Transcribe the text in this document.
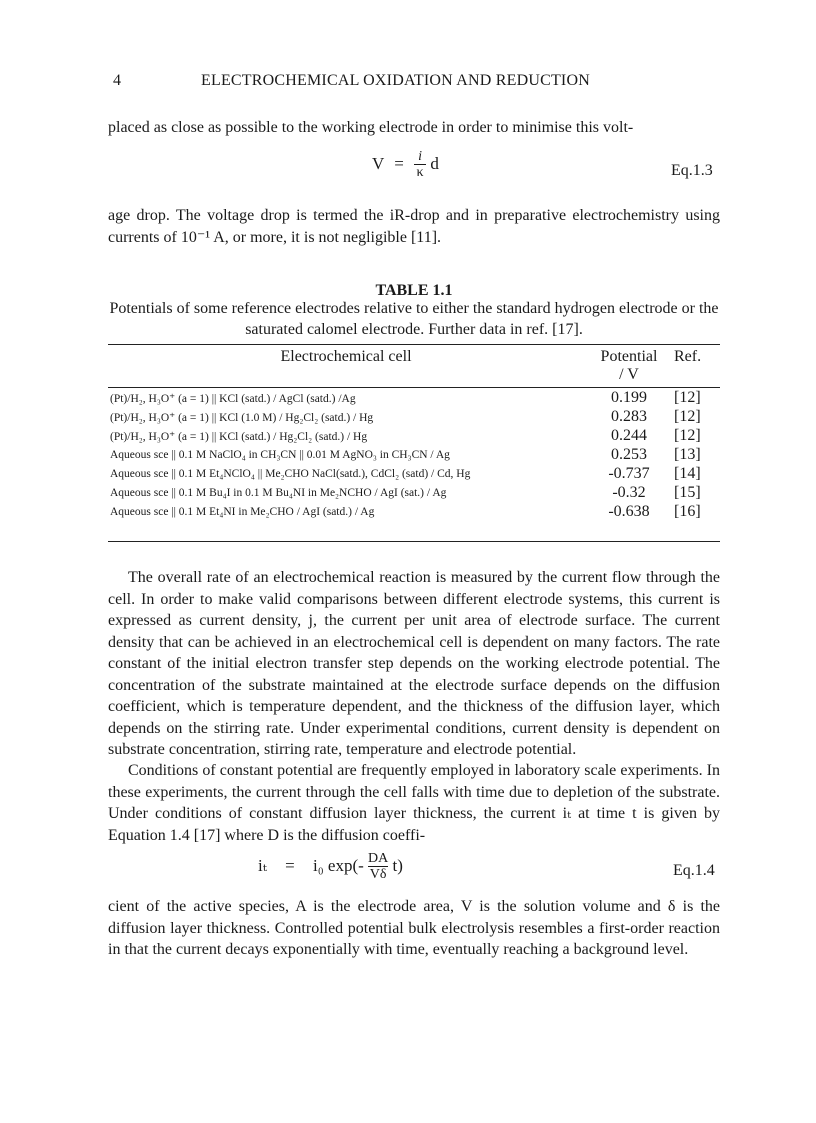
4	ELECTROCHEMICAL OXIDATION AND REDUCTION
placed as close as possible to the working electrode in order to minimise this volt-
$V = \frac{i}{\kappa}$ d	Eq.1.3
age drop. The voltage drop is termed the iR-drop and in preparative electrochemistry using currents of 10⁻¹ A, or more, it is not negligible [11].
TABLE 1.1
Potentials of some reference electrodes relative to either the standard hydrogen electrode or the saturated calomel electrode. Further data in ref. [17].
Electrochemical cell	Potential	Ref.
	/ V	
(Pt)/H₂, H₃O⁺ (a = 1) || KCl (satd.) / AgCl (satd.) /Ag	0.199	[12]
(Pt)/H₂, H₃O⁺ (a = 1) || KCl (1.0 M) / Hg₂Cl₂ (satd.) / Hg	0.283	[12]
(Pt)/H₂, H₃O⁺ (a = 1) || KCl (satd.) / Hg₂Cl₂ (satd.) / Hg	0.244	[12]
Aqueous sce || 0.1 M NaClO₄ in CH₃CN || 0.01 M AgNO₃ in CH₃CN / Ag	0.253	[13]
Aqueous sce || 0.1 M Et₄NClO₄ || Me₂CHO NaCl(satd.), CdCl₂ (satd) / Cd, Hg	-0.737	[14]
Aqueous sce || 0.1 M Bu₄I in 0.1 M Bu₄NI in Me₂NCHO / AgI (sat.) / Ag	-0.32	[15]
Aqueous sce || 0.1 M Et₄NI in Me₂CHO / AgI (satd.) / Ag	-0.638	[16]
The overall rate of an electrochemical reaction is measured by the current flow through the cell. In order to make valid comparisons between different electrode systems, this current is expressed as current density, j, the current per unit area of electrode surface. The current density that can be achieved in an electrochemical cell is dependent on many factors. The rate constant of the initial electron transfer step depends on the working electrode potential. The concentration of the substrate maintained at the electrode surface depends on the diffusion coefficient, which is temperature dependent, and the thickness of the diffusion layer, which depends on the stirring rate. Under experimental conditions, current density is dependent on substrate concentration, stirring rate, temperature and electrode potential.
Conditions of constant potential are frequently employed in laboratory scale experiments. In these experiments, the current through the cell falls with time due to depletion of the substrate. Under conditions of constant diffusion layer thickness, the current iₜ at time t is given by Equation 1.4 [17] where D is the diffusion coeffi-
iₜ = i₀ $\exp(- \frac{DA}{V\delta} t)$	Eq.1.4
cient of the active species, A is the electrode area, V is the solution volume and δ is the diffusion layer thickness. Controlled potential bulk electrolysis resembles a first-order reaction in that the current decays exponentially with time, eventually reaching a background level.
